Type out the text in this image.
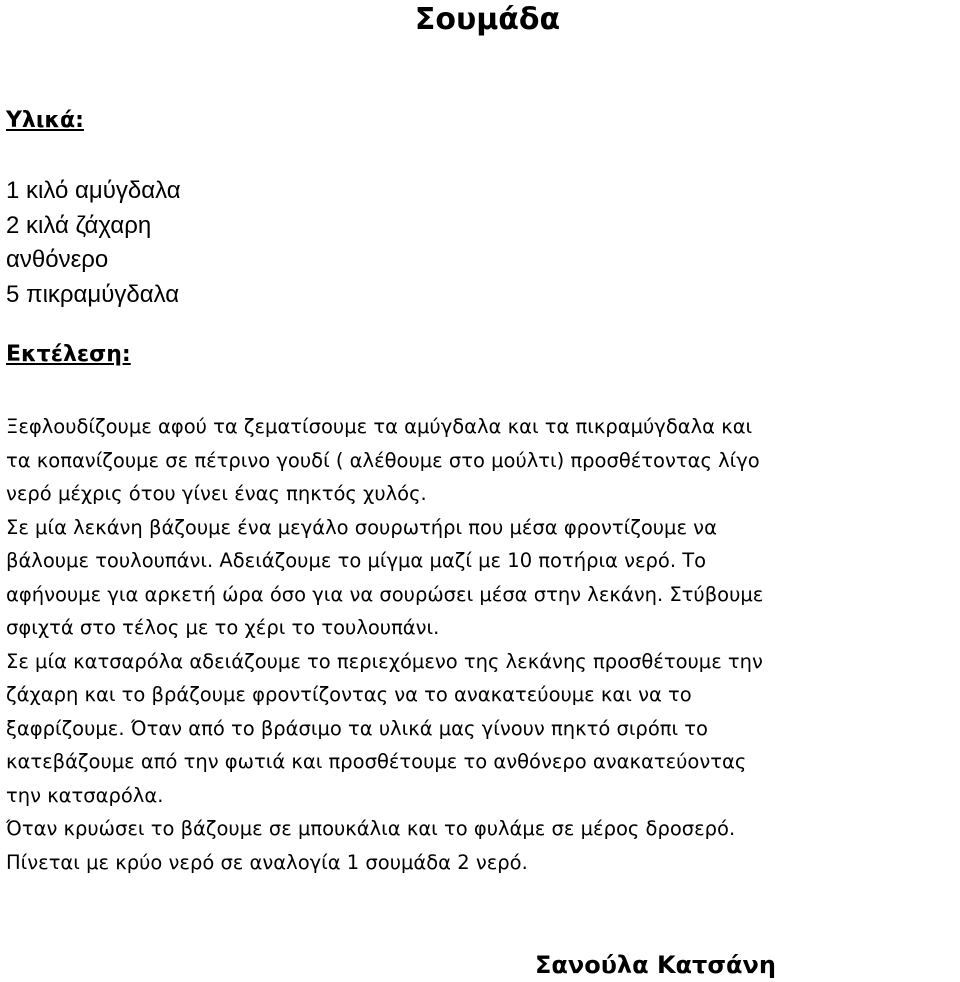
Σουμάδα
Υλικά:
1 κιλό αμύγδαλα
2 κιλά ζάχαρη
ανθόνερο
5 πικραμύγδαλα
Εκτέλεση:
Ξεφλουδίζουμε αφού τα ζεματίσουμε τα αμύγδαλα και τα πικραμύγδαλα και
τα κοπανίζουμε σε πέτρινο γουδί ( αλέθουμε στο μούλτι) προσθέτοντας λίγο
νερό μέχρις ότου γίνει ένας πηκτός χυλός.
Σε μία λεκάνη βάζουμε ένα μεγάλο σουρωτήρι που μέσα φροντίζουμε να
βάλουμε τουλουπάνι. Αδειάζουμε το μίγμα μαζί με 10 ποτήρια νερό. Το
αφήνουμε για αρκετή ώρα όσο για να σουρώσει μέσα στην λεκάνη. Στύβουμε
σφιχτά στο τέλος με το χέρι το τουλουπάνι.
Σε μία κατσαρόλα αδειάζουμε το περιεχόμενο της λεκάνης προσθέτουμε την
ζάχαρη και το βράζουμε φροντίζοντας να το ανακατεύουμε και να το
ξαφρίζουμε. Όταν από το βράσιμο τα υλικά μας γίνουν πηκτό σιρόπι το
κατεβάζουμε από την φωτιά και προσθέτουμε το ανθόνερο ανακατεύοντας
την κατσαρόλα.
Όταν κρυώσει το βάζουμε σε μπουκάλια και το φυλάμε σε μέρος δροσερό.
Πίνεται με κρύο νερό σε αναλογία 1 σουμάδα 2 νερό.

Σανούλα Κατσάνη
